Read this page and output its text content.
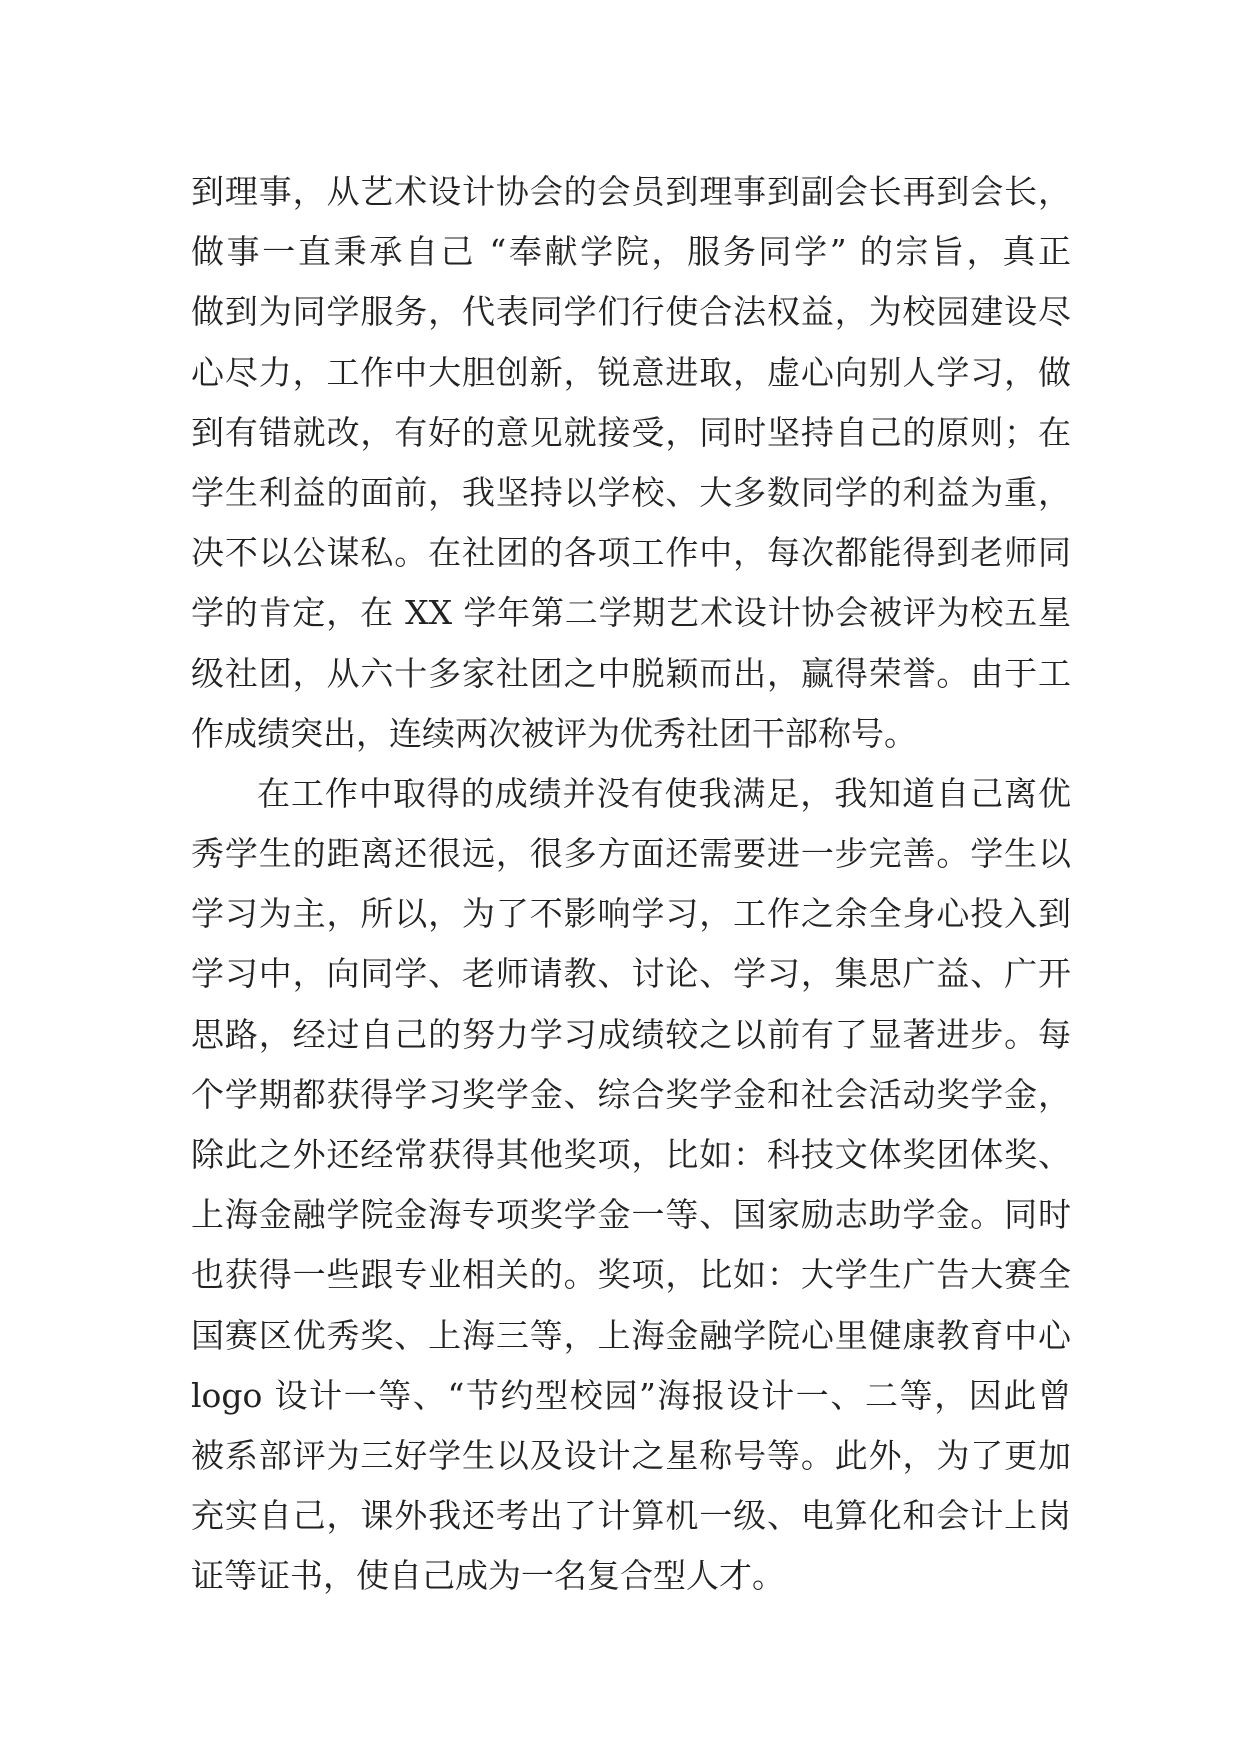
到理事，从艺术设计协会的会员到理事到副会长再到会长，
做事一直秉承自己 “奉献学院，服务同学” 的宗旨，真正
做到为同学服务，代表同学们行使合法权益，为校园建设尽
心尽力，工作中大胆创新，锐意进取，虚心向别人学习，做
到有错就改，有好的意见就接受，同时坚持自己的原则；在
学生利益的面前，我坚持以学校、大多数同学的利益为重，
决不以公谋私。在社团的各项工作中，每次都能得到老师同
学的肯定，在 XX 学年第二学期艺术设计协会被评为校五星
级社团，从六十多家社团之中脱颖而出，赢得荣誉。由于工
作成绩突出，连续两次被评为优秀社团干部称号。
在工作中取得的成绩并没有使我满足，我知道自己离优
秀学生的距离还很远，很多方面还需要进一步完善。学生以
学习为主，所以，为了不影响学习，工作之余全身心投入到
学习中，向同学、老师请教、讨论、学习，集思广益、广开
思路，经过自己的努力学习成绩较之以前有了显著进步。每
个学期都获得学习奖学金、综合奖学金和社会活动奖学金，
除此之外还经常获得其他奖项，比如：科技文体奖团体奖、
上海金融学院金海专项奖学金一等、国家励志助学金。同时
也获得一些跟专业相关的。奖项，比如：大学生广告大赛全
国赛区优秀奖、上海三等，上海金融学院心里健康教育中心
logo 设计一等、“节约型校园”海报设计一、二等，因此曾
被系部评为三好学生以及设计之星称号等。此外，为了更加
充实自己，课外我还考出了计算机一级、电算化和会计上岗
证等证书，使自己成为一名复合型人才。
